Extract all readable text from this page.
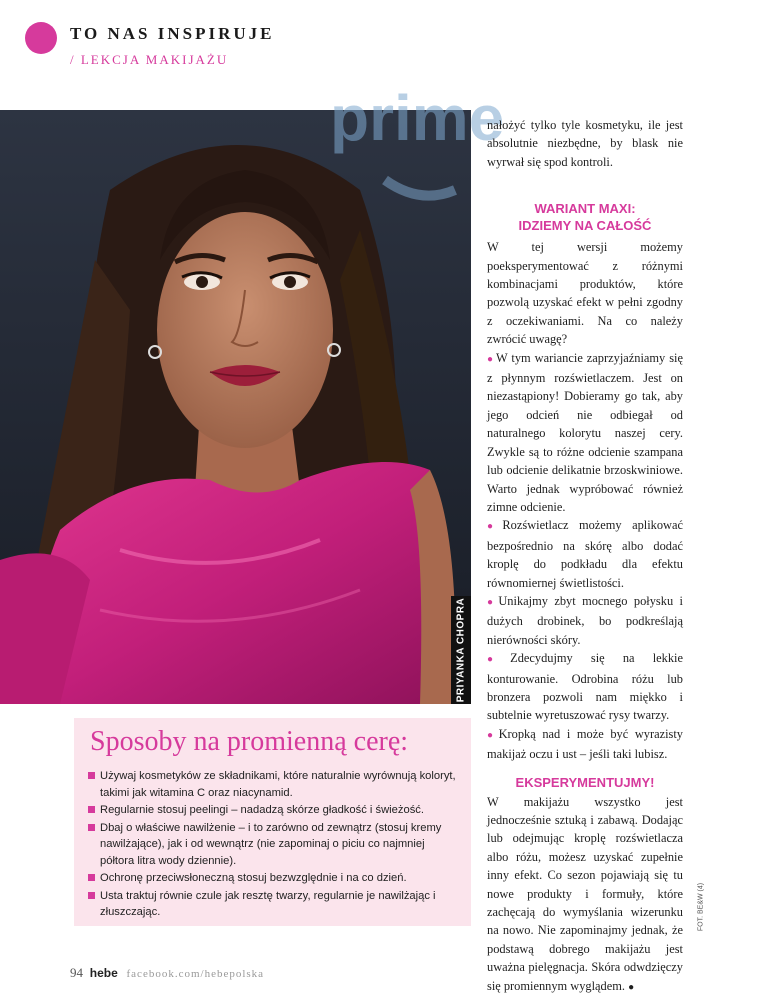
TO NAS INSPIRUJE
/ LEKCJA MAKIJAŻU
prime
PRIYANKA CHOPRA

nałożyć tylko tyle kosmetyku, ile jest absolutnie niezbędne, by blask nie wyrwał się spod kontroli.

WARIANT MAXI:
IDZIEMY NA CAŁOŚĆ

W tej wersji możemy poeksperymentować z różnymi kombinacjami produktów, które pozwolą uzyskać efekt w pełni zgodny z oczekiwaniami. Na co należy zwrócić uwagę?

● W tym wariancie zaprzyjaźniamy się z płynnym rozświetlaczem. Jest on niezastąpiony! Dobieramy go tak, aby jego odcień nie odbiegał od naturalnego kolorytu naszej cery. Zwykle są to różne odcienie szampana lub odcienie delikatnie brzoskwiniowe. Warto jednak wypróbować również zimne odcienie.

● Rozświetlacz możemy aplikować bezpośrednio na skórę albo dodać kroplę do podkładu dla efektu równomiernej świetlistości.

● Unikajmy zbyt mocnego połysku i dużych drobinek, bo podkreślają nierówności skóry.

● Zdecydujmy się na lekkie konturowanie. Odrobina różu lub bronzera pozwoli nam miękko i subtelnie wyretuszować rysy twarzy.

● Kropką nad i może być wyrazisty makijaż oczu i ust – jeśli taki lubisz.

EKSPERYMENTUJMY!

W makijażu wszystko jest jednocześnie sztuką i zabawą. Dodając lub odejmując kroplę rozświetlacza albo różu, możesz uzyskać zupełnie inny efekt. Co sezon pojawiają się tu nowe produkty i formuły, które zachęcają do wymyślania wizerunku na nowo. Nie zapominajmy jednak, że podstawą dobrego makijażu jest uważna pielęgnacja. Skóra odwdzięczy się promiennym wyglądem. ●

FOT. BE&W (4)
Sposoby na promienną cerę:
Używaj kosmetyków ze składnikami, które naturalnie wyrównują koloryt, takimi jak witamina C oraz niacynamid.
Regularnie stosuj peelingi – nadadzą skórze gładkość i świeżość.
Dbaj o właściwe nawilżenie – i to zarówno od zewnątrz (stosuj kremy nawilżające), jak i od wewnątrz (nie zapominaj o piciu co najmniej półtora litra wody dziennie).
Ochronę przeciwsłoneczną stosuj bezwzględnie i na co dzień.
Usta traktuj równie czule jak resztę twarzy, regularnie je nawilżając i złuszczając.
94 hebe facebook.com/hebepolska
